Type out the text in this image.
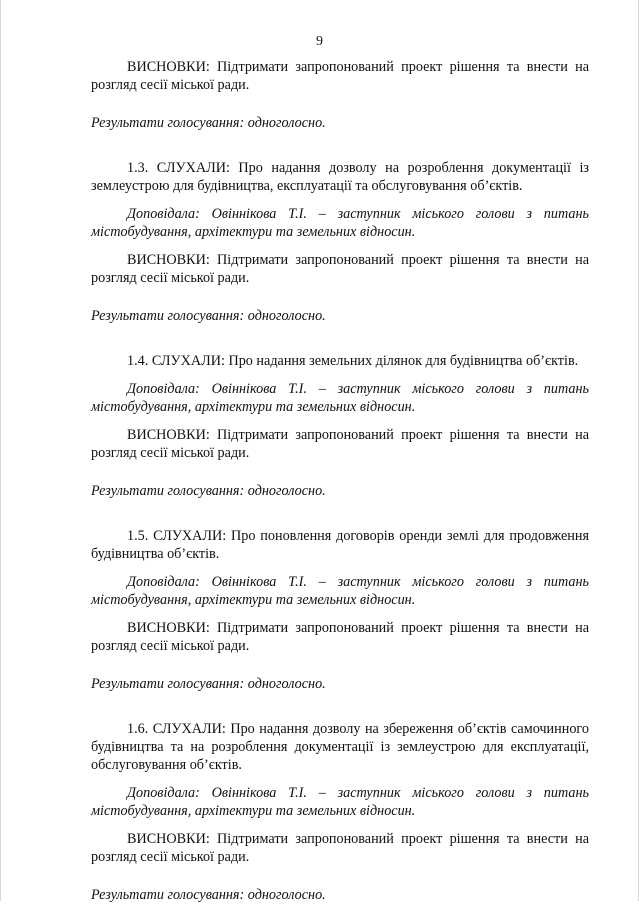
9

ВИСНОВКИ: Підтримати запропонований проект рішення та внести на розгляд сесії міської ради.

Результати голосування: одноголосно.

1.3. СЛУХАЛИ: Про надання дозволу на розроблення документації із землеустрою для будівництва, експлуатації та обслуговування об’єктів.

Доповідала: Овіннікова Т.І. – заступник міського голови з питань містобудування, архітектури та земельних відносин.

ВИСНОВКИ: Підтримати запропонований проект рішення та внести на розгляд сесії міської ради.

Результати голосування: одноголосно.

1.4. СЛУХАЛИ: Про надання земельних ділянок для будівництва об’єктів.

Доповідала: Овіннікова Т.І. – заступник міського голови з питань містобудування, архітектури та земельних відносин.

ВИСНОВКИ: Підтримати запропонований проект рішення та внести на розгляд сесії міської ради.

Результати голосування: одноголосно.

1.5. СЛУХАЛИ: Про поновлення договорів оренди землі для продовження будівництва об’єктів.

Доповідала: Овіннікова Т.І. – заступник міського голови з питань містобудування, архітектури та земельних відносин.

ВИСНОВКИ: Підтримати запропонований проект рішення та внести на розгляд сесії міської ради.

Результати голосування: одноголосно.

1.6. СЛУХАЛИ: Про надання дозволу на збереження об’єктів самочинного будівництва та на розроблення документації із землеустрою для експлуатації, обслуговування об’єктів.

Доповідала: Овіннікова Т.І. – заступник міського голови з питань містобудування, архітектури та земельних відносин.

ВИСНОВКИ: Підтримати запропонований проект рішення та внести на розгляд сесії міської ради.

Результати голосування: одноголосно.
